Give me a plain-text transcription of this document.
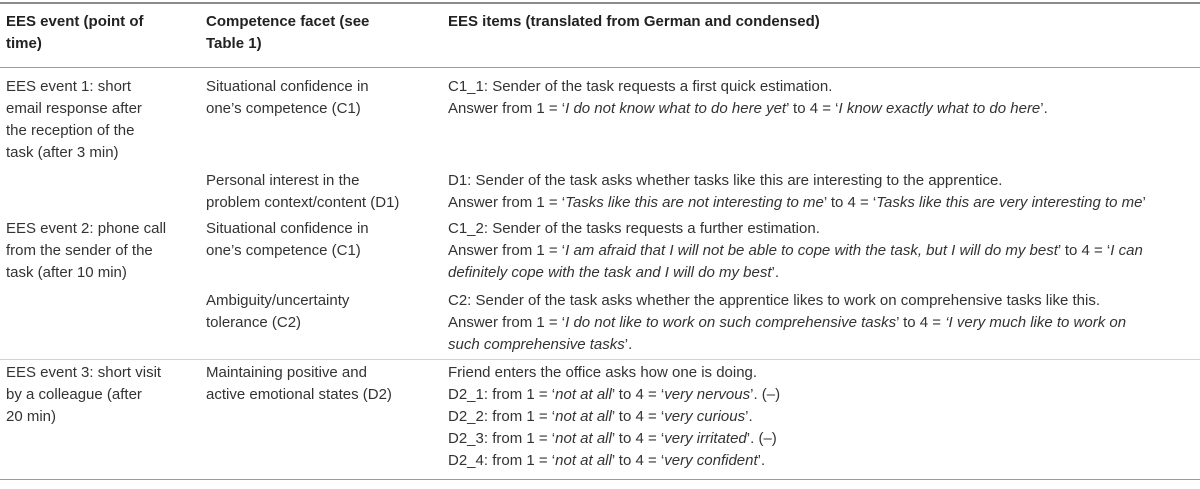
EES event (point of
time)
Competence facet (see
Table 1)
EES items (translated from German and condensed)
EES event 1: short
email response after
the reception of the
task (after 3 min)
Situational confidence in
one’s competence (C1)
C1_1: Sender of the task requests a first quick estimation.
Answer from 1 = ‘I do not know what to do here yet’ to 4 = ‘I know exactly what to do here’.
Personal interest in the
problem context/content (D1)
D1: Sender of the task asks whether tasks like this are interesting to the apprentice.
Answer from 1 = ‘Tasks like this are not interesting to me’ to 4 = ‘Tasks like this are very interesting to me’
EES event 2: phone call
from the sender of the
task (after 10 min)
Situational confidence in
one’s competence (C1)
C1_2: Sender of the tasks requests a further estimation.
Answer from 1 = ‘I am afraid that I will not be able to cope with the task, but I will do my best’ to 4 = ‘I can
definitely cope with the task and I will do my best’.
Ambiguity/uncertainty
tolerance (C2)
C2: Sender of the task asks whether the apprentice likes to work on comprehensive tasks like this.
Answer from 1 = ‘I do not like to work on such comprehensive tasks’ to 4 = ‘I very much like to work on
such comprehensive tasks’.
EES event 3: short visit
by a colleague (after
20 min)
Maintaining positive and
active emotional states (D2)
Friend enters the office asks how one is doing.
D2_1: from 1 = ‘not at all’ to 4 = ‘very nervous’. (–)
D2_2: from 1 = ‘not at all’ to 4 = ‘very curious’.
D2_3: from 1 = ‘not at all’ to 4 = ‘very irritated’. (–)
D2_4: from 1 = ‘not at all’ to 4 = ‘very confident’.
